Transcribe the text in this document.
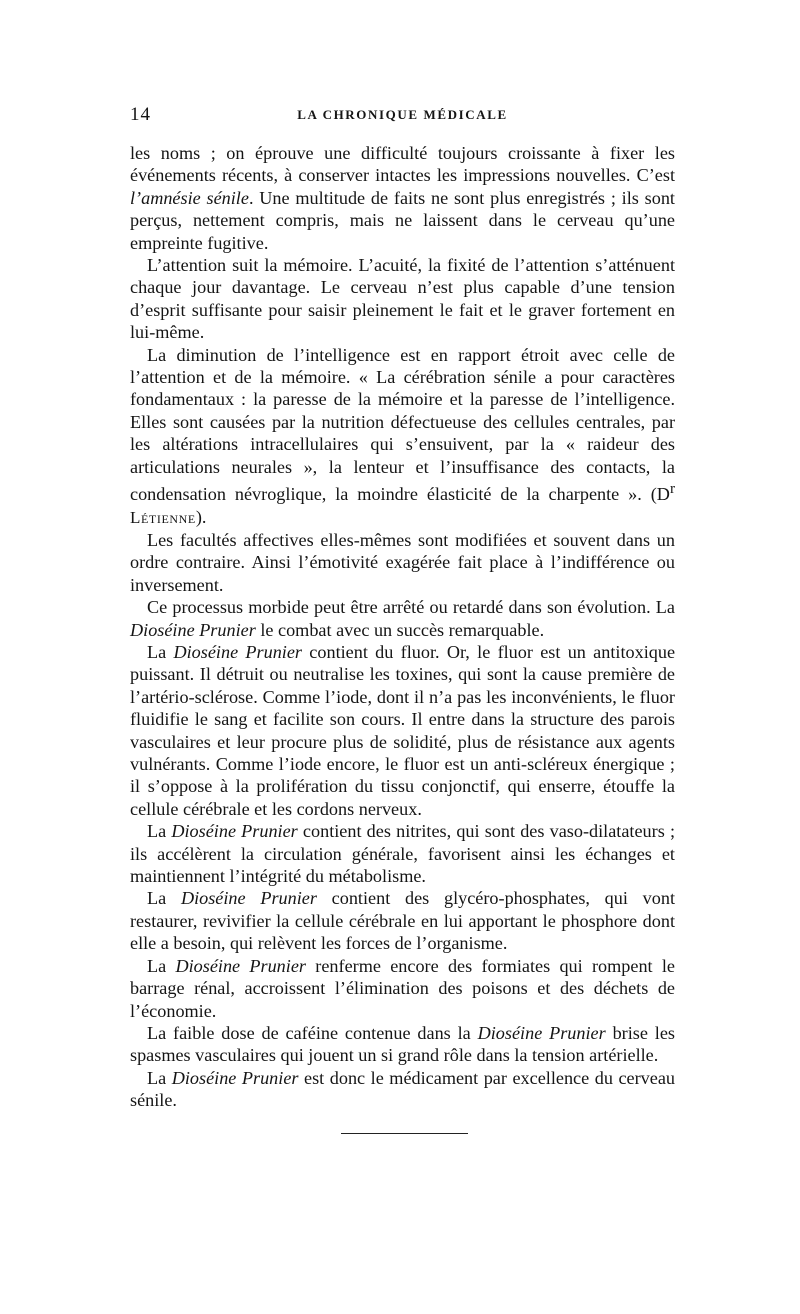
14	LA CHRONIQUE MÉDICALE

les noms ; on éprouve une difficulté toujours croissante à fixer les événements récents, à conserver intactes les impressions nouvelles. C’est l’amnésie sénile. Une multitude de faits ne sont plus enregistrés ; ils sont perçus, nettement compris, mais ne laissent dans le cerveau qu’une empreinte fugitive.

L’attention suit la mémoire. L’acuité, la fixité de l’attention s’atténuent chaque jour davantage. Le cerveau n’est plus capable d’une tension d’esprit suffisante pour saisir pleinement le fait et le graver fortement en lui-même.

La diminution de l’intelligence est en rapport étroit avec celle de l’attention et de la mémoire. « La cérébration sénile a pour caractères fondamentaux : la paresse de la mémoire et la paresse de l’intelligence. Elles sont causées par la nutrition défectueuse des cellules centrales, par les altérations intracellulaires qui s’ensuivent, par la « raideur des articulations neurales », la lenteur et l’insuffisance des contacts, la condensation névroglique, la moindre élasticité de la charpente ». ($D^r$ Létienne).

Les facultés affectives elles-mêmes sont modifiées et souvent dans un ordre contraire. Ainsi l’émotivité exagérée fait place à l’indifférence ou inversement.

Ce processus morbide peut être arrêté ou retardé dans son évolution. La Dioséine Prunier le combat avec un succès remarquable.

La Dioséine Prunier contient du fluor. Or, le fluor est un antitoxique puissant. Il détruit ou neutralise les toxines, qui sont la cause première de l’artério-sclérose. Comme l’iode, dont il n’a pas les inconvénients, le fluor fluidifie le sang et facilite son cours. Il entre dans la structure des parois vasculaires et leur procure plus de solidité, plus de résistance aux agents vulnérants. Comme l’iode encore, le fluor est un anti-scléreux énergique ; il s’oppose à la prolifération du tissu conjonctif, qui enserre, étouffe la cellule cérébrale et les cordons nerveux.

La Dioséine Prunier contient des nitrites, qui sont des vaso-dilatateurs ; ils accélèrent la circulation générale, favorisent ainsi les échanges et maintiennent l’intégrité du métabolisme.

La Dioséine Prunier contient des glycéro-phosphates, qui vont restaurer, revivifier la cellule cérébrale en lui apportant le phosphore dont elle a besoin, qui relèvent les forces de l’organisme.

La Dioséine Prunier renferme encore des formiates qui rompent le barrage rénal, accroissent l’élimination des poisons et des déchets de l’économie.

La faible dose de caféine contenue dans la Dioséine Prunier brise les spasmes vasculaires qui jouent un si grand rôle dans la tension artérielle.

La Dioséine Prunier est donc le médicament par excellence du cerveau sénile.
